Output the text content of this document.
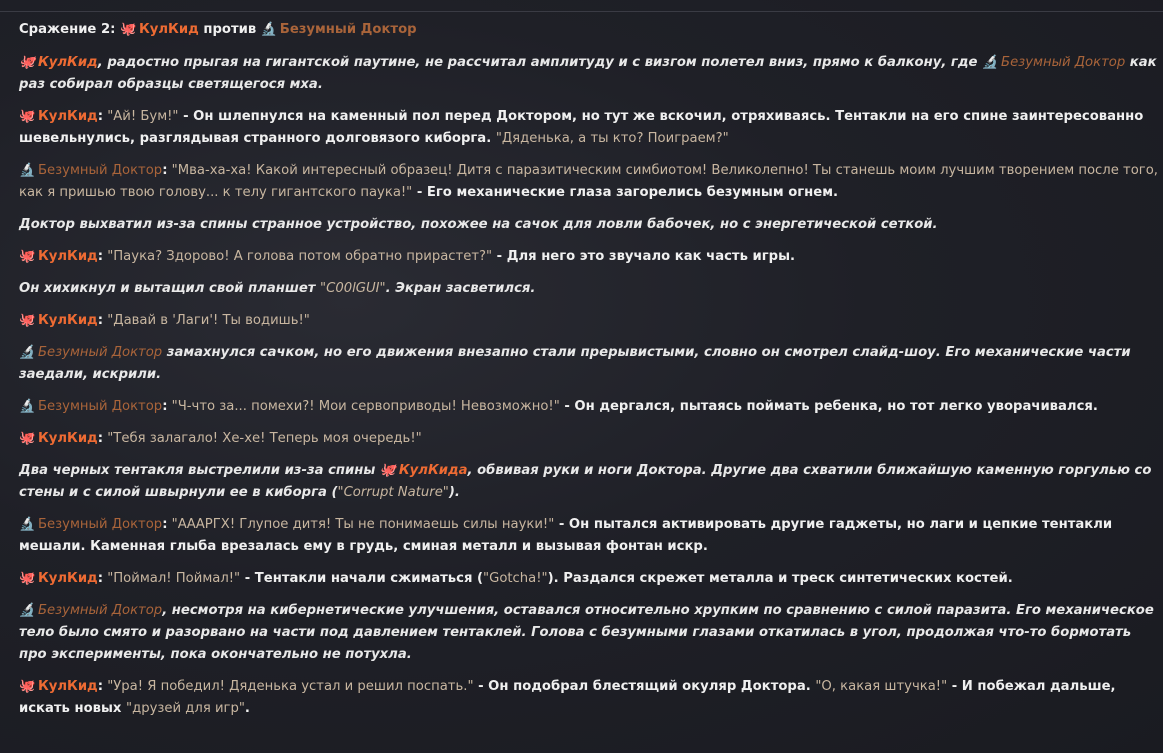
Сражение 2: 🐙 КулКид против 🔬 Безумный Доктор

🐙 КулКид, радостно прыгая на гигантской паутине, не рассчитал амплитуду и с визгом полетел вниз, прямо к балкону, где 🔬 Безумный Доктор как раз собирал образцы светящегося мха.

🐙 КулКид: "Ай! Бум!" - Он шлепнулся на каменный пол перед Доктором, но тут же вскочил, отряхиваясь. Тентакли на его спине заинтересованно шевельнулись, разглядывая странного долговязого киборга. "Дяденька, а ты кто? Поиграем?"

🔬 Безумный Доктор: "Мва-ха-ха! Какой интересный образец! Дитя с паразитическим симбиотом! Великолепно! Ты станешь моим лучшим творением после того, как я пришью твою голову... к телу гигантского паука!" - Его механические глаза загорелись безумным огнем.

Доктор выхватил из-за спины странное устройство, похожее на сачок для ловли бабочек, но с энергетической сеткой.

🐙 КулКид: "Паука? Здорово! А голова потом обратно прирастет?" - Для него это звучало как часть игры.

Он хихикнул и вытащил свой планшет "C00lGUI". Экран засветился.

🐙 КулКид: "Давай в 'Лаги'! Ты водишь!"

🔬 Безумный Доктор замахнулся сачком, но его движения внезапно стали прерывистыми, словно он смотрел слайд-шоу. Его механические части заедали, искрили.

🔬 Безумный Доктор: "Ч-что за... помехи?! Мои сервоприводы! Невозможно!" - Он дергался, пытаясь поймать ребенка, но тот легко уворачивался.

🐙 КулКид: "Тебя залагало! Хе-хе! Теперь моя очередь!"

Два черных тентакля выстрелили из-за спины 🐙 КулКида, обвивая руки и ноги Доктора. Другие два схватили ближайшую каменную горгулью со стены и с силой швырнули ее в киборга ("Corrupt Nature").

🔬 Безумный Доктор: "АААРГХ! Глупое дитя! Ты не понимаешь силы науки!" - Он пытался активировать другие гаджеты, но лаги и цепкие тентакли мешали. Каменная глыба врезалась ему в грудь, сминая металл и вызывая фонтан искр.

🐙 КулКид: "Поймал! Поймал!" - Тентакли начали сжиматься ("Gotcha!"). Раздался скрежет металла и треск синтетических костей.

🔬 Безумный Доктор, несмотря на кибернетические улучшения, оставался относительно хрупким по сравнению с силой паразита. Его механическое тело было смято и разорвано на части под давлением тентаклей. Голова с безумными глазами откатилась в угол, продолжая что-то бормотать про эксперименты, пока окончательно не потухла.

🐙 КулКид: "Ура! Я победил! Дяденька устал и решил поспать." - Он подобрал блестящий окуляр Доктора. "О, какая штучка!" - И побежал дальше, искать новых "друзей для игр".
